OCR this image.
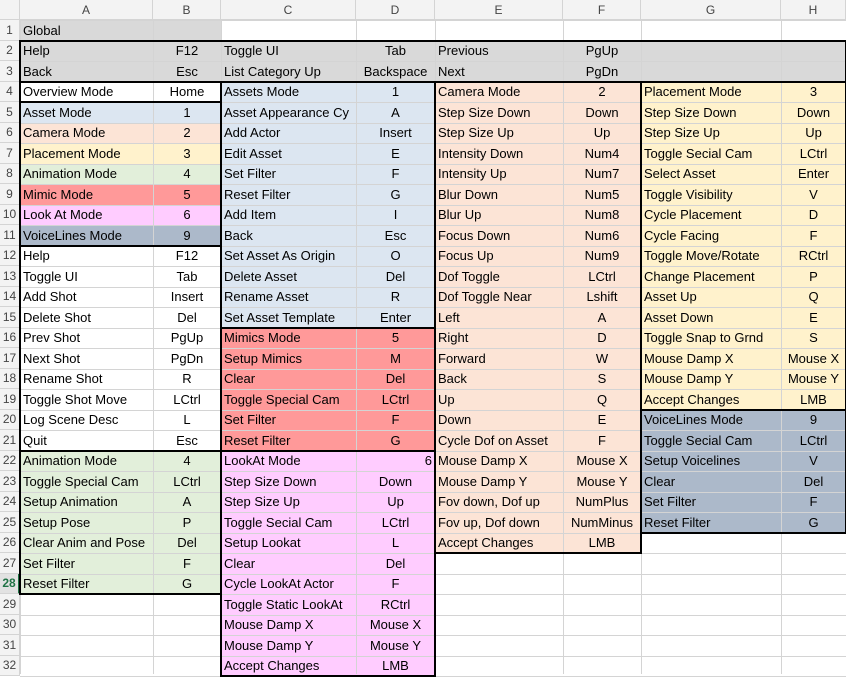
A	B	C	D	E	F	G	H
1
2
3
4
5
6
7
8
9
10
11
12
13
14
15
16
17
18
19
20
21
22
23
24
25
26
27
28
29
30
31
32
Global
Help	F12
Back	Esc
Overview Mode	Home
Asset Mode	1
Camera Mode	2
Placement Mode	3
Animation Mode	4
Mimic Mode	5
Look At Mode	6
VoiceLines Mode	9
Help	F12
Toggle UI	Tab
Add Shot	Insert
Delete Shot	Del
Prev Shot	PgUp
Next Shot	PgDn
Rename Shot	R
Toggle Shot Move	LCtrl
Log Scene Desc	L
Quit	Esc
Animation Mode	4
Toggle Special Cam	LCtrl
Setup Animation	A
Setup Pose	P
Clear Anim and Pose	Del
Set Filter	F
Reset Filter	G
Toggle UI	Tab
List Category Up	Backspace
Assets Mode	1
Asset Appearance Cy	A
Add Actor	Insert
Edit Asset	E
Set Filter	F
Reset Filter	G
Add Item	I
Back	Esc
Set Asset As Origin	O
Delete Asset	Del
Rename Asset	R
Set Asset Template	Enter
Mimics Mode	5
Setup Mimics	M
Clear	Del
Toggle Special Cam	LCtrl
Set Filter	F
Reset Filter	G
LookAt Mode	6
Step Size Down	Down
Step Size Up	Up
Toggle Secial Cam	LCtrl
Setup Lookat	L
Clear	Del
Cycle LookAt Actor	F
Toggle Static LookAt	RCtrl
Mouse Damp X	Mouse X
Mouse Damp Y	Mouse Y
Accept Changes	LMB
Previous	PgUp
Next	PgDn
Camera Mode	2
Step Size Down	Down
Step Size Up	Up
Intensity Down	Num4
Intensity Up	Num7
Blur Down	Num5
Blur Up	Num8
Focus Down	Num6
Focus Up	Num9
Dof Toggle	LCtrl
Dof Toggle Near	Lshift
Left	A
Right	D
Forward	W
Back	S
Up	Q
Down	E
Cycle Dof on Asset	F
Mouse Damp X	Mouse X
Mouse Damp Y	Mouse Y
Fov down, Dof up	NumPlus
Fov up, Dof down	NumMinus
Accept Changes	LMB
Placement Mode	3
Step Size Down	Down
Step Size Up	Up
Toggle Secial Cam	LCtrl
Select Asset	Enter
Toggle Visibility	V
Cycle Placement	D
Cycle Facing	F
Toggle Move/Rotate	RCtrl
Change Placement	P
Asset Up	Q
Asset Down	E
Toggle Snap to Grnd	S
Mouse Damp X	Mouse X
Mouse Damp Y	Mouse Y
Accept Changes	LMB
VoiceLines Mode	9
Toggle Secial Cam	LCtrl
Setup Voicelines	V
Clear	Del
Set Filter	F
Reset Filter	G
